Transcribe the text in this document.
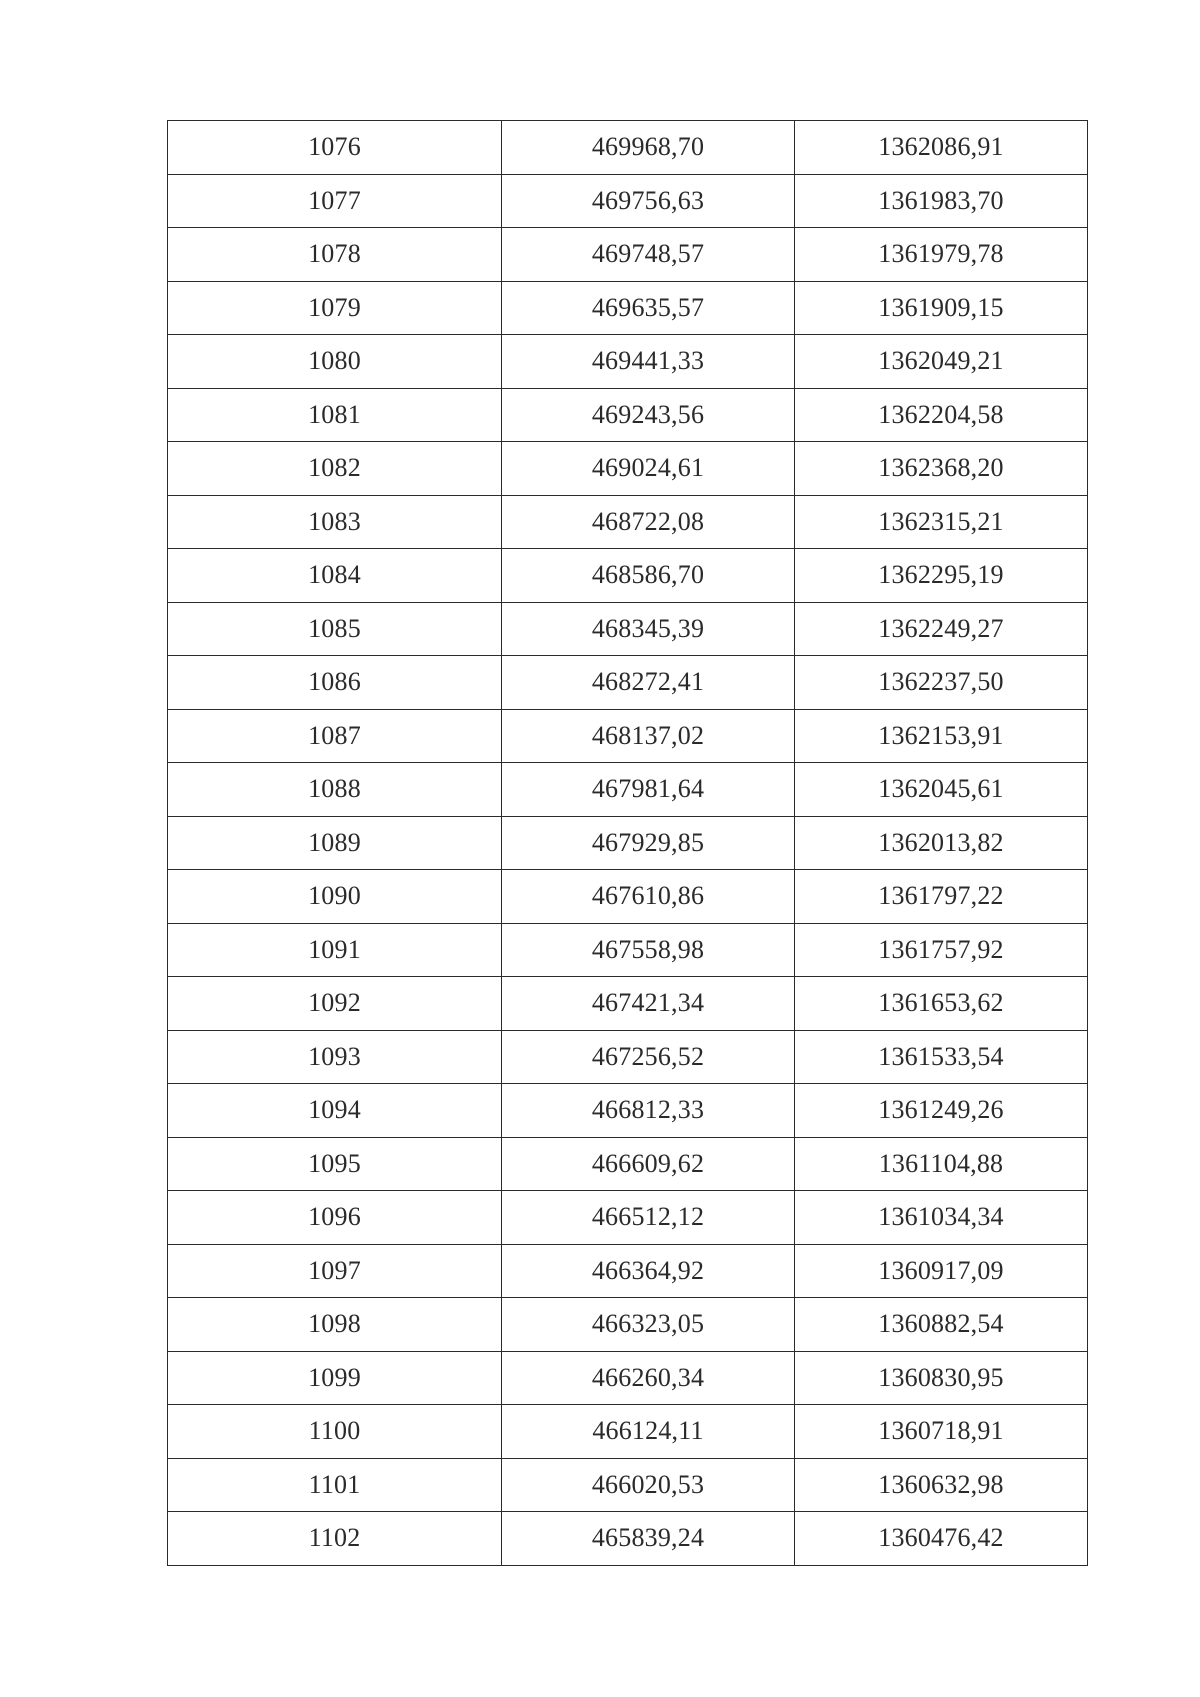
1076	469968,70	1362086,91
1077	469756,63	1361983,70
1078	469748,57	1361979,78
1079	469635,57	1361909,15
1080	469441,33	1362049,21
1081	469243,56	1362204,58
1082	469024,61	1362368,20
1083	468722,08	1362315,21
1084	468586,70	1362295,19
1085	468345,39	1362249,27
1086	468272,41	1362237,50
1087	468137,02	1362153,91
1088	467981,64	1362045,61
1089	467929,85	1362013,82
1090	467610,86	1361797,22
1091	467558,98	1361757,92
1092	467421,34	1361653,62
1093	467256,52	1361533,54
1094	466812,33	1361249,26
1095	466609,62	1361104,88
1096	466512,12	1361034,34
1097	466364,92	1360917,09
1098	466323,05	1360882,54
1099	466260,34	1360830,95
1100	466124,11	1360718,91
1101	466020,53	1360632,98
1102	465839,24	1360476,42
